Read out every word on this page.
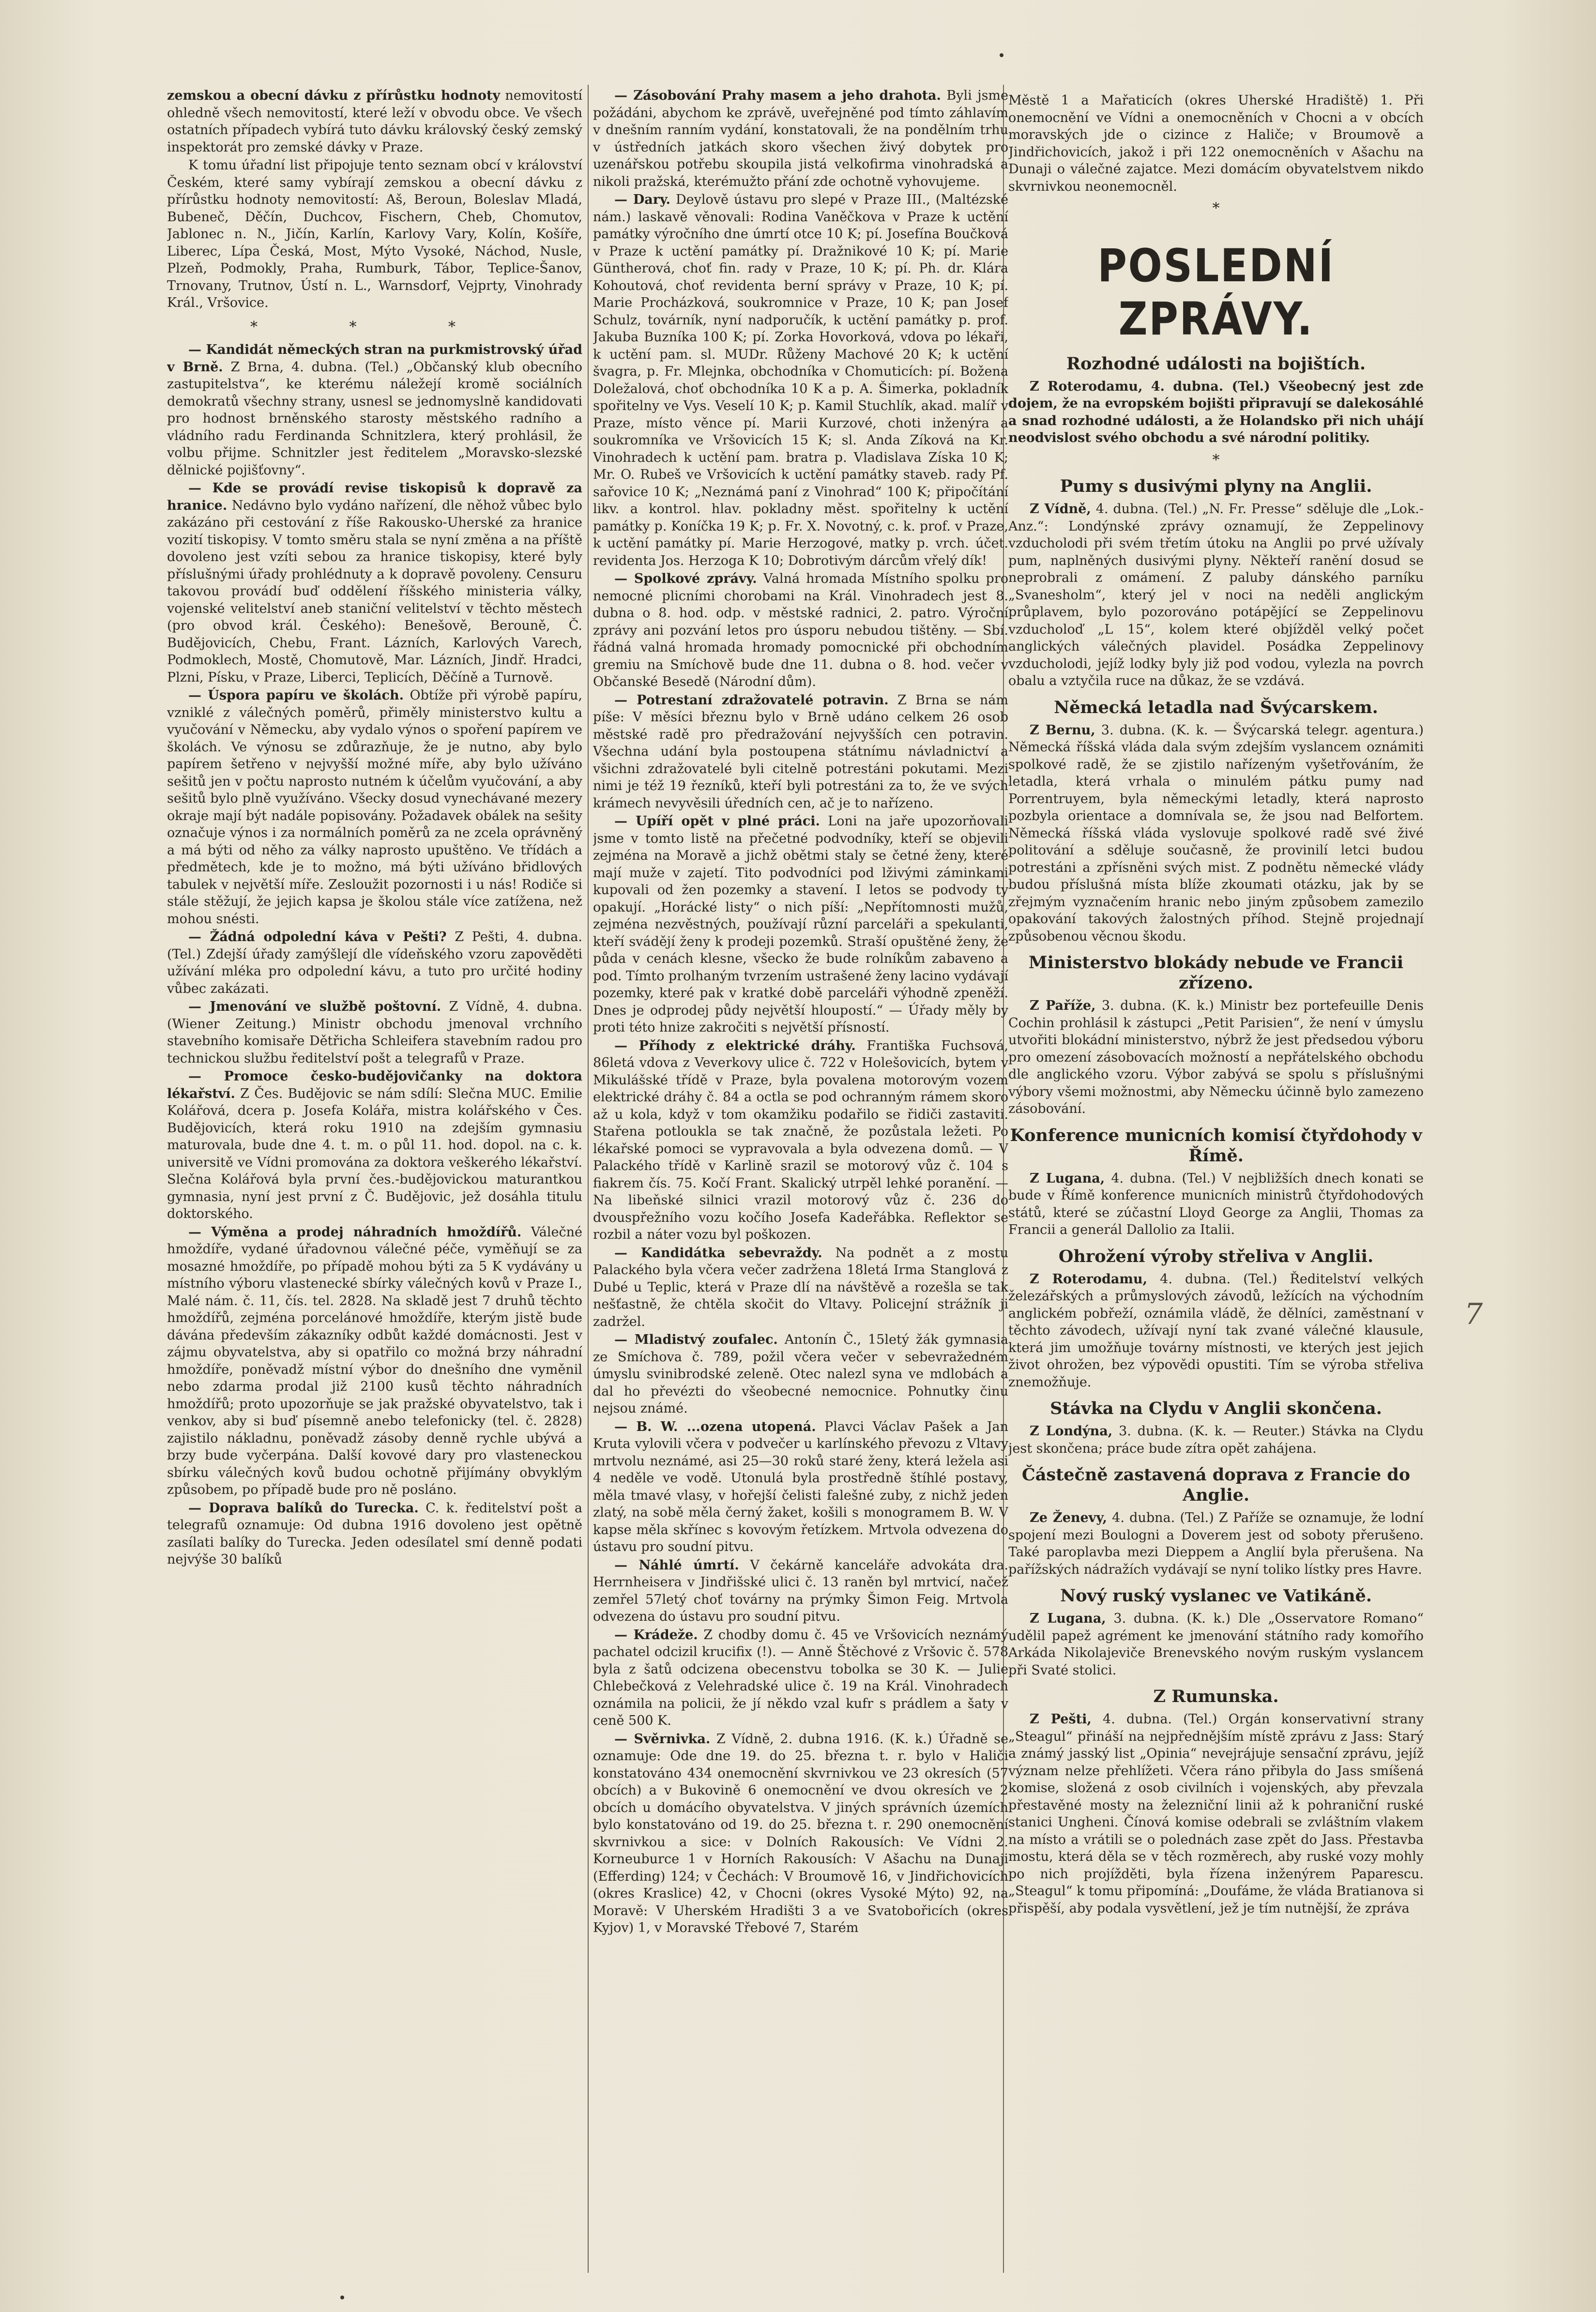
zemskou a obecní dávku z přírůstku hodnoty nemovitostí ohledně všech nemovitostí, které leží v obvodu obce. Ve všech ostatních případech vybírá tuto dávku královský český zemský inspektorát pro zemské dávky v Praze.
K tomu úřadní list připojuje tento seznam obcí v království Českém, které samy vybírají zemskou a obecní dávku z přírůstku hodnoty nemovitostí: Aš, Beroun, Boleslav Mladá, Bubeneč, Děčín, Duchcov, Fischern, Cheb, Chomutov, Jablonec n. N., Jičín, Karlín, Karlovy Vary, Kolín, Košíře, Liberec, Lípa Česká, Most, Mýto Vysoké, Náchod, Nusle, Plzeň, Podmokly, Praha, Rumburk, Tábor, Teplice-Šanov, Trnovany, Trutnov, Ústí n. L., Warnsdorf, Vejprty, Vinohrady Král., Vršovice.
* * *
— Kandidát německých stran na purkmistrovský úřad v Brně. Z Brna, 4. dubna. (Tel.) „Občanský klub obecního zastupitelstva“, ke kterému náležejí kromě sociálních demokratů všechny strany, usnesl se jednomyslně kandidovati pro hodnost brněnského starosty městského radního a vládního radu Ferdinanda Schnitzlera, který prohlásil, že volbu přijme. Schnitzler jest ředitelem „Moravsko-slezské dělnické pojišťovny“.
— Kde se provádí revise tiskopisů k dopravě za hranice. Nedávno bylo vydáno nařízení, dle něhož vůbec bylo zakázáno při cestování z říše Rakousko-Uherské za hranice vozití tiskopisy. V tomto směru stala se nyní změna a na příště dovoleno jest vzíti sebou za hranice tiskopisy, které byly příslušnými úřady prohlédnuty a k dopravě povoleny. Censuru takovou provádí buď oddělení říšského ministeria války, vojenské velitelství aneb staniční velitelství v těchto městech (pro obvod král. Českého): Benešově, Berouně, Č. Budějovicích, Chebu, Frant. Lázních, Karlových Varech, Podmoklech, Mostě, Chomutově, Mar. Lázních, Jindř. Hradci, Plzni, Písku, v Praze, Liberci, Teplicích, Děčíně a Turnově.
— Úspora papíru ve školách. Obtíže při výrobě papíru, vzniklé z válečných poměrů, přiměly ministerstvo kultu a vyučování v Německu, aby vydalo výnos o spoření papírem ve školách. Ve výnosu se zdůrazňuje, že je nutno, aby bylo papírem šetřeno v nejvyšší možné míře, aby bylo užíváno sešitů jen v počtu naprosto nutném k účelům vyučování, a aby sešitů bylo plně využíváno. Všecky dosud vynechávané mezery okraje mají být nadále popisovány. Požadavek obálek na sešity označuje výnos i za normálních poměrů za ne zcela oprávněný a má býti od něho za války naprosto upuštěno. Ve třídách a předmětech, kde je to možno, má býti užíváno břidlových tabulek v největší míře. Zesloužit pozornosti i u nás! Rodiče si stále stěžují, že jejich kapsa je školou stále více zatížena, než mohou snésti.
— Žádná odpolední káva v Pešti? Z Pešti, 4. dubna. (Tel.) Zdejší úřady zamýšlejí dle vídeňského vzoru zapověděti užívání mléka pro odpolední kávu, a tuto pro určité hodiny vůbec zakázati.
— Jmenování ve službě poštovní. Z Vídně, 4. dubna. (Wiener Zeitung.) Ministr obchodu jmenoval vrchního stavebního komisaře Dětřicha Schleifera stavebním radou pro technickou službu ředitelství pošt a telegrafů v Praze.
— Promoce česko-budějovičanky na doktora lékařství. Z Čes. Budějovic se nám sdílí: Slečna MUC. Emilie Kolářová, dcera p. Josefa Kolářa, mistra kolářského v Čes. Budějovicích, která roku 1910 na zdejším gymnasiu maturovala, bude dne 4. t. m. o půl 11. hod. dopol. na c. k. universitě ve Vídni promována za doktora veškerého lékařství. Slečna Kolářová byla první čes.-budějovickou maturantkou gymnasia, nyní jest první z Č. Budějovic, jež dosáhla titulu doktorského.
— Výměna a prodej náhradních hmoždířů. Válečné hmoždíře, vydané úřadovnou válečné péče, vyměňují se za mosazné hmoždíře, po případě mohou býti za 5 K vydávány u místního výboru vlastenecké sbírky válečných kovů v Praze I., Malé nám. č. 11, čís. tel. 2828. Na skladě jest 7 druhů těchto hmoždířů, zejména porcelánové hmoždíře, kterým jistě bude dávána především zákazníky odbůt každé domácnosti. Jest v zájmu obyvatelstva, aby si opatřilo co možná brzy náhradní hmoždíře, poněvadž místní výbor do dnešního dne vyměnil nebo zdarma prodal již 2100 kusů těchto náhradních hmoždířů; proto upozorňuje se jak pražské obyvatelstvo, tak i venkov, aby si buď písemně anebo telefonicky (tel. č. 2828) zajistilo nákladnu, poněvadž zásoby denně rychle ubývá a brzy bude vyčerpána. Další kovové dary pro vlasteneckou sbírku válečných kovů budou ochotně přijímány obvyklým způsobem, po případě bude pro ně posláno.
— Doprava balíků do Turecka. C. k. ředitelství pošt a telegrafů oznamuje: Od dubna 1916 dovoleno jest opětně zasílati balíky do Turecka. Jeden odesílatel smí denně podati nejvýše 30 balíků
— Zásobování Prahy masem a jeho drahota. Byli jsme požádáni, abychom ke zprávě, uveřejněné pod tímto záhlavím v dnešním ranním vydání, konstatovali, že na pondělním trhu v ústředních jatkách skoro všechen živý dobytek pro uzenářskou potřebu skoupila jistá velkofirma vinohradská a nikoli pražská, kterémužto přání zde ochotně vyhovujeme.
— Dary. Deylově ústavu pro slepé v Praze III., (Maltézské nám.) laskavě věnovali: Rodina Vaněčkova v Praze k uctění památky výročního dne úmrtí otce 10 K; pí. Josefína Boučková v Praze k uctění památky pí. Dražnikové 10 K; pí. Marie Güntherová, choť fin. rady v Praze, 10 K; pí. Ph. dr. Klára Kohoutová, choť revidenta berní správy v Praze, 10 K; pí. Marie Procházková, soukromnice v Praze, 10 K; pan Josef Schulz, továrník, nyní nadporučík, k uctění památky p. prof. Jakuba Buzníka 100 K; pí. Zorka Hovorková, vdova po lékaři, k uctění pam. sl. MUDr. Růženy Machové 20 K; k uctění švagra, p. Fr. Mlejnka, obchodníka v Chomuticích: pí. Božena Doležalová, choť obchodníka 10 K a p. A. Šimerka, pokladník spořitelny ve Vys. Veselí 10 K; p. Kamil Stuchlík, akad. malíř v Praze, místo věnce pí. Marii Kurzové, choti inženýra a soukromníka ve Vršovicích 15 K; sl. Anda Zíková na Kr. Vinohradech k uctění pam. bratra p. Vladislava Získa 10 K; Mr. O. Rubeš ve Vršovicích k uctění památky staveb. rady Pf. sařovice 10 K; „Neznámá paní z Vinohrad“ 100 K; připočítání likv. a kontrol. hlav. pokladny měst. spořitelny k uctění památky p. Koníčka 19 K; p. Fr. X. Novotný, c. k. prof. v Praze, k uctění památky pí. Marie Herzogové, matky p. vrch. účet. revidenta Jos. Herzoga K 10; Dobrotivým dárcům vřelý dík!
— Spolkové zprávy. Valná hromada Místního spolku pro nemocné plicními chorobami na Král. Vinohradech jest 8. dubna o 8. hod. odp. v městské radnici, 2. patro. Výroční zprávy ani pozvání letos pro úsporu nebudou tištěny. — Sbí. řádná valná hromada hromady pomocnické při obchodním gremiu na Smíchově bude dne 11. dubna o 8. hod. večer v Občanské Besedě (Národní dům).
— Potrestaní zdražovatelé potravin. Z Brna se nám píše: V měsíci březnu bylo v Brně udáno celkem 26 osob městské radě pro předražování nejvyšších cen potravin. Všechna udání byla postoupena státnímu návladnictví a všichni zdražovatelé byli citelně potrestáni pokutami. Mezi nimi je též 19 řezníků, kteří byli potrestáni za to, že ve svých krámech nevyvěsili úředních cen, ač je to nařízeno.
— Upíří opět v plné práci. Loni na jaře upozorňovali jsme v tomto listě na přečetné podvodníky, kteří se objevili zejména na Moravě a jichž obětmi staly se četné ženy, které mají muže v zajetí. Tito podvodníci pod lživými záminkami kupovali od žen pozemky a stavení. I letos se podvody ty opakují. „Horácké listy“ o nich píší: „Nepřítomnosti mužů, zejména nezvěstných, používají různí parceláři a spekulanti, kteří svádějí ženy k prodeji pozemků. Straší opuštěné ženy, že půda v cenách klesne, všecko že bude rolníkům zabaveno a pod. Tímto prolhaným tvrzením ustrašené ženy lacino vydávají pozemky, které pak v kratké době parceláři výhodně zpeněží. Dnes je odprodej půdy největší hloupostí.“ — Úřady měly by proti této hnize zakročiti s největší přísností.
— Příhody z elektrické dráhy. Františka Fuchsová, 86letá vdova z Veverkovy ulice č. 722 v Holešovicích, bytem v Mikulášské třídě v Praze, byla povalena motorovým vozem elektrické dráhy č. 84 a octla se pod ochranným rámem skoro až u kola, když v tom okamžiku podařilo se řidiči zastaviti. Stařena potloukla se tak značně, že pozůstala ležeti. Po lékařské pomoci se vypravovala a byla odvezena domů. — V Palackého třídě v Karlině srazil se motorový vůz č. 104 s fiakrem čís. 75. Kočí Frant. Skalický utrpěl lehké poranění. — Na libeňské silnici vrazil motorový vůz č. 236 do dvouspřežního vozu kočího Josefa Kadeřábka. Reflektor se rozbil a náter vozu byl poškozen.
— Kandidátka sebevraždy. Na podnět a z mostu Palackého byla včera večer zadržena 18letá Irma Stanglová z Dubé u Teplic, která v Praze dlí na návštěvě a rozešla se tak nešťastně, že chtěla skočit do Vltavy. Policejní strážník ji zadržel.
— Mladistvý zoufalec. Antonín Č., 15letý žák gymnasia ze Smíchova č. 789, požil včera večer v sebevražedném úmyslu svinibrodské zeleně. Otec nalezl syna ve mdlobách a dal ho převézti do všeobecné nemocnice. Pohnutky činu nejsou známé.
— B. W. ...ozena utopená. Plavci Václav Pašek a Jan Kruta vylovili včera v podvečer u karlínského převozu z Vltavy mrtvolu neznámé, asi 25—30 roků staré ženy, která ležela asi 4 neděle ve vodě. Utonulá byla prostředně štíhlé postavy, měla tmavé vlasy, v hořejší čelisti falešné zuby, z nichž jeden zlatý, na sobě měla černý žaket, košili s monogramem B. W. V kapse měla skřínec s kovovým řetízkem. Mrtvola odvezena do ústavu pro soudní pitvu.
— Náhlé úmrtí. V čekárně kanceláře advokáta dra. Herrnheisera v Jindřišské ulici č. 13 raněn byl mrtvicí, načež zemřel 57letý choť továrny na prýmky Šimon Feig. Mrtvola odvezena do ústavu pro soudní pitvu.
— Krádeže. Z chodby domu č. 45 ve Vršovicích neznámý pachatel odcizil krucifix (!). — Anně Štěchové z Vršovic č. 578 byla z šatů odcizena obecenstvu tobolka se 30 K. — Julie Chlebečková z Velehradské ulice č. 19 na Král. Vinohradech oznámila na policii, že jí někdo vzal kufr s prádlem a šaty v ceně 500 K.
— Svěrnivka. Z Vídně, 2. dubna 1916. (K. k.) Úřadně se oznamuje: Ode dne 19. do 25. března t. r. bylo v Haliči konstatováno 434 onemocnění skvrnivkou ve 23 okresích (57 obcích) a v Bukovině 6 onemocnění ve dvou okresích ve 2 obcích u domácího obyvatelstva. V jiných správních územích bylo konstatováno od 19. do 25. března t. r. 290 onemocnění skvrnivkou a sice: v Dolních Rakousích: Ve Vídni 2. Korneuburce 1 v Horních Rakousích: V Ašachu na Dunaji (Efferding) 124; v Čechách: V Broumově 16, v Jindřichovicích (okres Kraslice) 42, v Chocni (okres Vysoké Mýto) 92, na Moravě: V Uherském Hradišti 3 a ve Svatobořicích (okres Kyjov) 1, v Moravské Třebové 7, Starém
Městě 1 a Mařaticích (okres Uherské Hradiště) 1. Při onemocnění ve Vídni a onemocněních v Chocni a v obcích moravských jde o cizince z Haliče; v Broumově a Jindřichovicích, jakož i při 122 onemocněních v Ašachu na Dunaji o válečné zajatce. Mezi domácím obyvatelstvem nikdo skvrnivkou neonemocněl.
*
POSLEDNÍ ZPRÁVY.
Rozhodné události na bojištích.
Z Roterodamu, 4. dubna. (Tel.) Všeobecný jest zde dojem, že na evropském bojišti připravují se dalekosáhlé a snad rozhodné události, a že Holandsko při nich uhájí neodvislost svého obchodu a své národní politiky.
*
Pumy s dusivými plyny na Anglii.
Z Vídně, 4. dubna. (Tel.) „N. Fr. Presse“ sděluje dle „Lok.-Anz.“: Londýnské zprávy oznamují, že Zeppelinovy vzducholodi při svém třetím útoku na Anglii po prvé užívaly pum, naplněných dusivými plyny. Někteří ranění dosud se neprobrali z omámení. Z paluby dánského parníku „Svanesholm“, který jel v noci na neděli anglickým průplavem, bylo pozorováno potápějící se Zeppelinovu vzducholoď „L 15“, kolem které objížděl velký počet anglických válečných plavidel. Posádka Zeppelinovy vzducholodi, jejíž lodky byly již pod vodou, vylezla na povrch obalu a vztyčila ruce na důkaz, že se vzdává.
Německá letadla nad Švýcarskem.
Z Bernu, 3. dubna. (K. k. — Švýcarská telegr. agentura.) Německá říšská vláda dala svým zdejším vyslancem oznámiti spolkové radě, že se zjistilo nařízeným vyšetřováním, že letadla, která vrhala o minulém pátku pumy nad Porrentruyem, byla německými letadly, která naprosto pozbyla orientace a domnívala se, že jsou nad Belfortem. Německá říšská vláda vyslovuje spolkové radě své živé politování a sděluje současně, že provinilí letci budou potrestáni a zpřísněni svých mist. Z podnětu německé vlády budou příslušná místa blíže zkoumati otázku, jak by se zřejmým vyznačením hranic nebo jiným způsobem zamezilo opakování takových žalostných příhod. Stejně projednají způsobenou věcnou škodu.
Ministerstvo blokády nebude ve Francii zřízeno.
Z Paříže, 3. dubna. (K. k.) Ministr bez portefeuille Denis Cochin prohlásil k zástupci „Petit Parisien“, že není v úmyslu utvořiti blokádní ministerstvo, nýbrž že jest předsedou výboru pro omezení zásobovacích možností a nepřátelského obchodu dle anglického vzoru. Výbor zabývá se spolu s příslušnými výbory všemi možnostmi, aby Německu účinně bylo zamezeno zásobování.
Konference municních komisí čtyřdohody v Římě.
Z Lugana, 4. dubna. (Tel.) V nejbližších dnech konati se bude v Římě konference municních ministrů čtyřdohodových států, které se zúčastní Lloyd George za Anglii, Thomas za Francii a generál Dallolio za Italii.
Ohrožení výroby střeliva v Anglii.
Z Roterodamu, 4. dubna. (Tel.) Ředitelství velkých železářských a průmyslových závodů, ležících na východním anglickém pobřeží, oznámila vládě, že dělníci, zaměstnaní v těchto závodech, užívají nyní tak zvané válečné klausule, která jim umožňuje továrny místnosti, ve kterých jest jejich život ohrožen, bez výpovědi opustiti. Tím se výroba střeliva znemožňuje.
Stávka na Clydu v Anglii skončena.
Z Londýna, 3. dubna. (K. k. — Reuter.) Stávka na Clydu jest skončena; práce bude zítra opět zahájena.
Částečně zastavená doprava z Francie do Anglie.
Ze Ženevy, 4. dubna. (Tel.) Z Paříže se oznamuje, že lodní spojení mezi Boulogni a Doverem jest od soboty přerušeno. Také paroplavba mezi Dieppem a Anglií byla přerušena. Na pařížských nádražích vydávají se nyní toliko lístky pres Havre.
Nový ruský vyslanec ve Vatikáně.
Z Lugana, 3. dubna. (K. k.) Dle „Osservatore Romano“ udělil papež agrément ke jmenování státního rady komořího Arkáda Nikolajeviče Brenevského novým ruským vyslancem při Svaté stolici.
Z Rumunska.
Z Pešti, 4. dubna. (Tel.) Orgán konservativní strany „Steagul“ přináší na nejpřednějším místě zprávu z Jass: Starý a známý jasský list „Opinia“ nevejrájuje sensační zprávu, jejíž význam nelze přehlížeti. Včera ráno přibyla do Jass smíšená komise, složená z osob civilních i vojenských, aby převzala přestavěné mosty na železniční linii až k pohraniční ruské stanici Ungheni. Čínová komise odebrali se zvláštním vlakem na místo a vrátili se o polednách zase zpět do Jass. Přestavba mostu, která děla se v těch rozměrech, aby ruské vozy mohly po nich projížděti, byla řízena inženýrem Paparescu. „Steagul“ k tomu připomíná: „Doufáme, že vláda Bratianova si přispěší, aby podala vysvětlení, jež je tím nutnější, že zpráva
7
